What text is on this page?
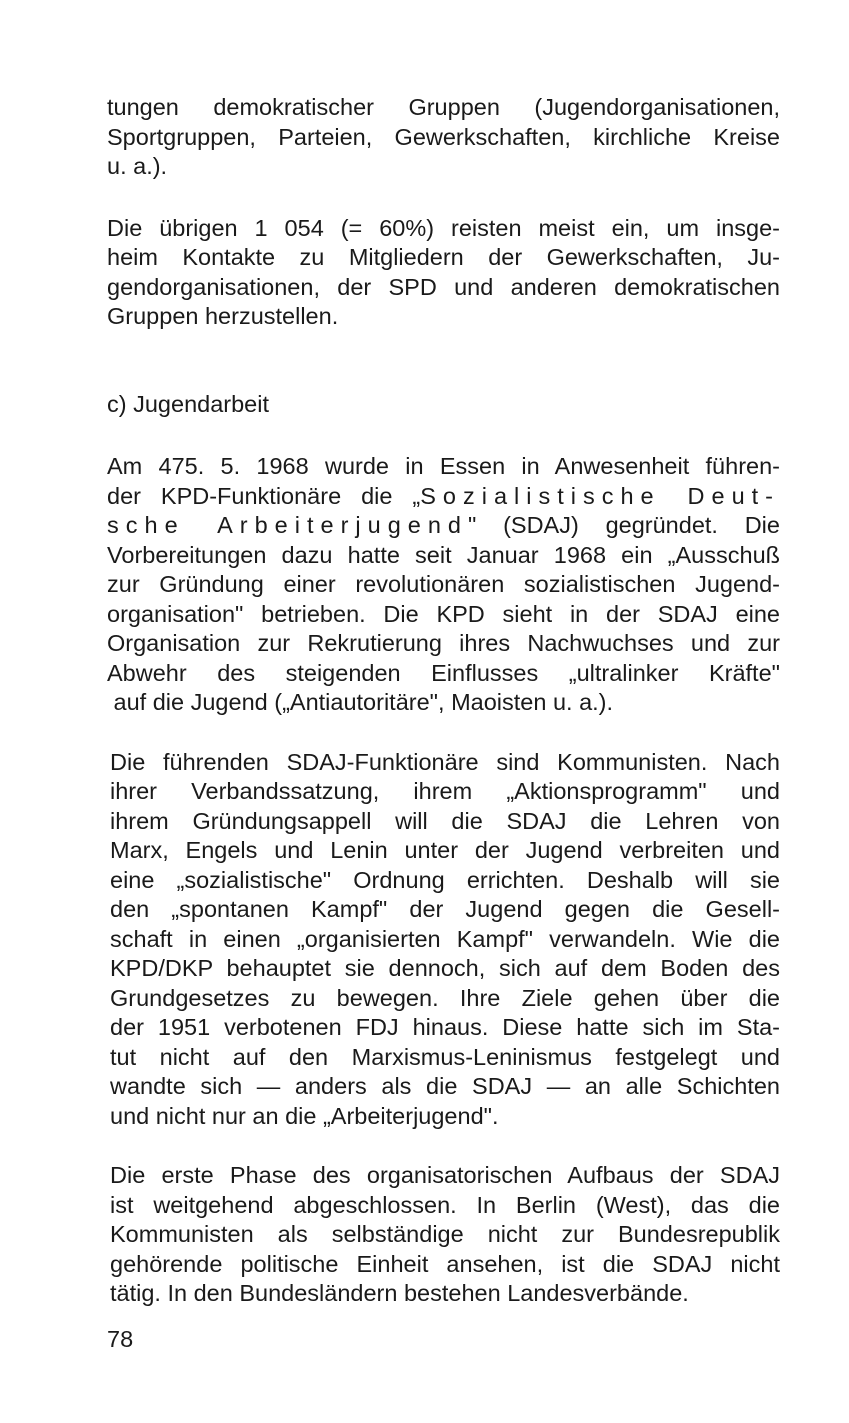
tungen demokratischer Gruppen (Jugendorganisationen,
Sportgruppen, Parteien, Gewerkschaften, kirchliche Kreise
u. a.).

Die übrigen 1 054 (= 60%) reisten meist ein, um insge-
heim Kontakte zu Mitgliedern der Gewerkschaften, Ju-
gendorganisationen, der SPD und anderen demokratischen
Gruppen herzustellen.

c) Jugendarbeit

Am 475. 5. 1968 wurde in Essen in Anwesenheit führen-
der KPD-Funktionäre die „Sozialistische Deut-
sche Arbeiterjugend" (SDAJ) gegründet. Die
Vorbereitungen dazu hatte seit Januar 1968 ein „Ausschuß
zur Gründung einer revolutionären sozialistischen Jugend-
organisation" betrieben. Die KPD sieht in der SDAJ eine
Organisation zur Rekrutierung ihres Nachwuchses und zur
Abwehr des steigenden Einflusses „ultralinker Kräfte"
auf die Jugend („Antiautoritäre", Maoisten u. a.).

Die führenden SDAJ-Funktionäre sind Kommunisten. Nach
ihrer Verbandssatzung, ihrem „Aktionsprogramm" und
ihrem Gründungsappell will die SDAJ die Lehren von
Marx, Engels und Lenin unter der Jugend verbreiten und
eine „sozialistische" Ordnung errichten. Deshalb will sie
den „spontanen Kampf" der Jugend gegen die Gesell-
schaft in einen „organisierten Kampf" verwandeln. Wie die
KPD/DKP behauptet sie dennoch, sich auf dem Boden des
Grundgesetzes zu bewegen. Ihre Ziele gehen über die
der 1951 verbotenen FDJ hinaus. Diese hatte sich im Sta-
tut nicht auf den Marxismus-Leninismus festgelegt und
wandte sich — anders als die SDAJ — an alle Schichten
und nicht nur an die „Arbeiterjugend".

Die erste Phase des organisatorischen Aufbaus der SDAJ
ist weitgehend abgeschlossen. In Berlin (West), das die
Kommunisten als selbständige nicht zur Bundesrepublik
gehörende politische Einheit ansehen, ist die SDAJ nicht
tätig. In den Bundesländern bestehen Landesverbände.

78
